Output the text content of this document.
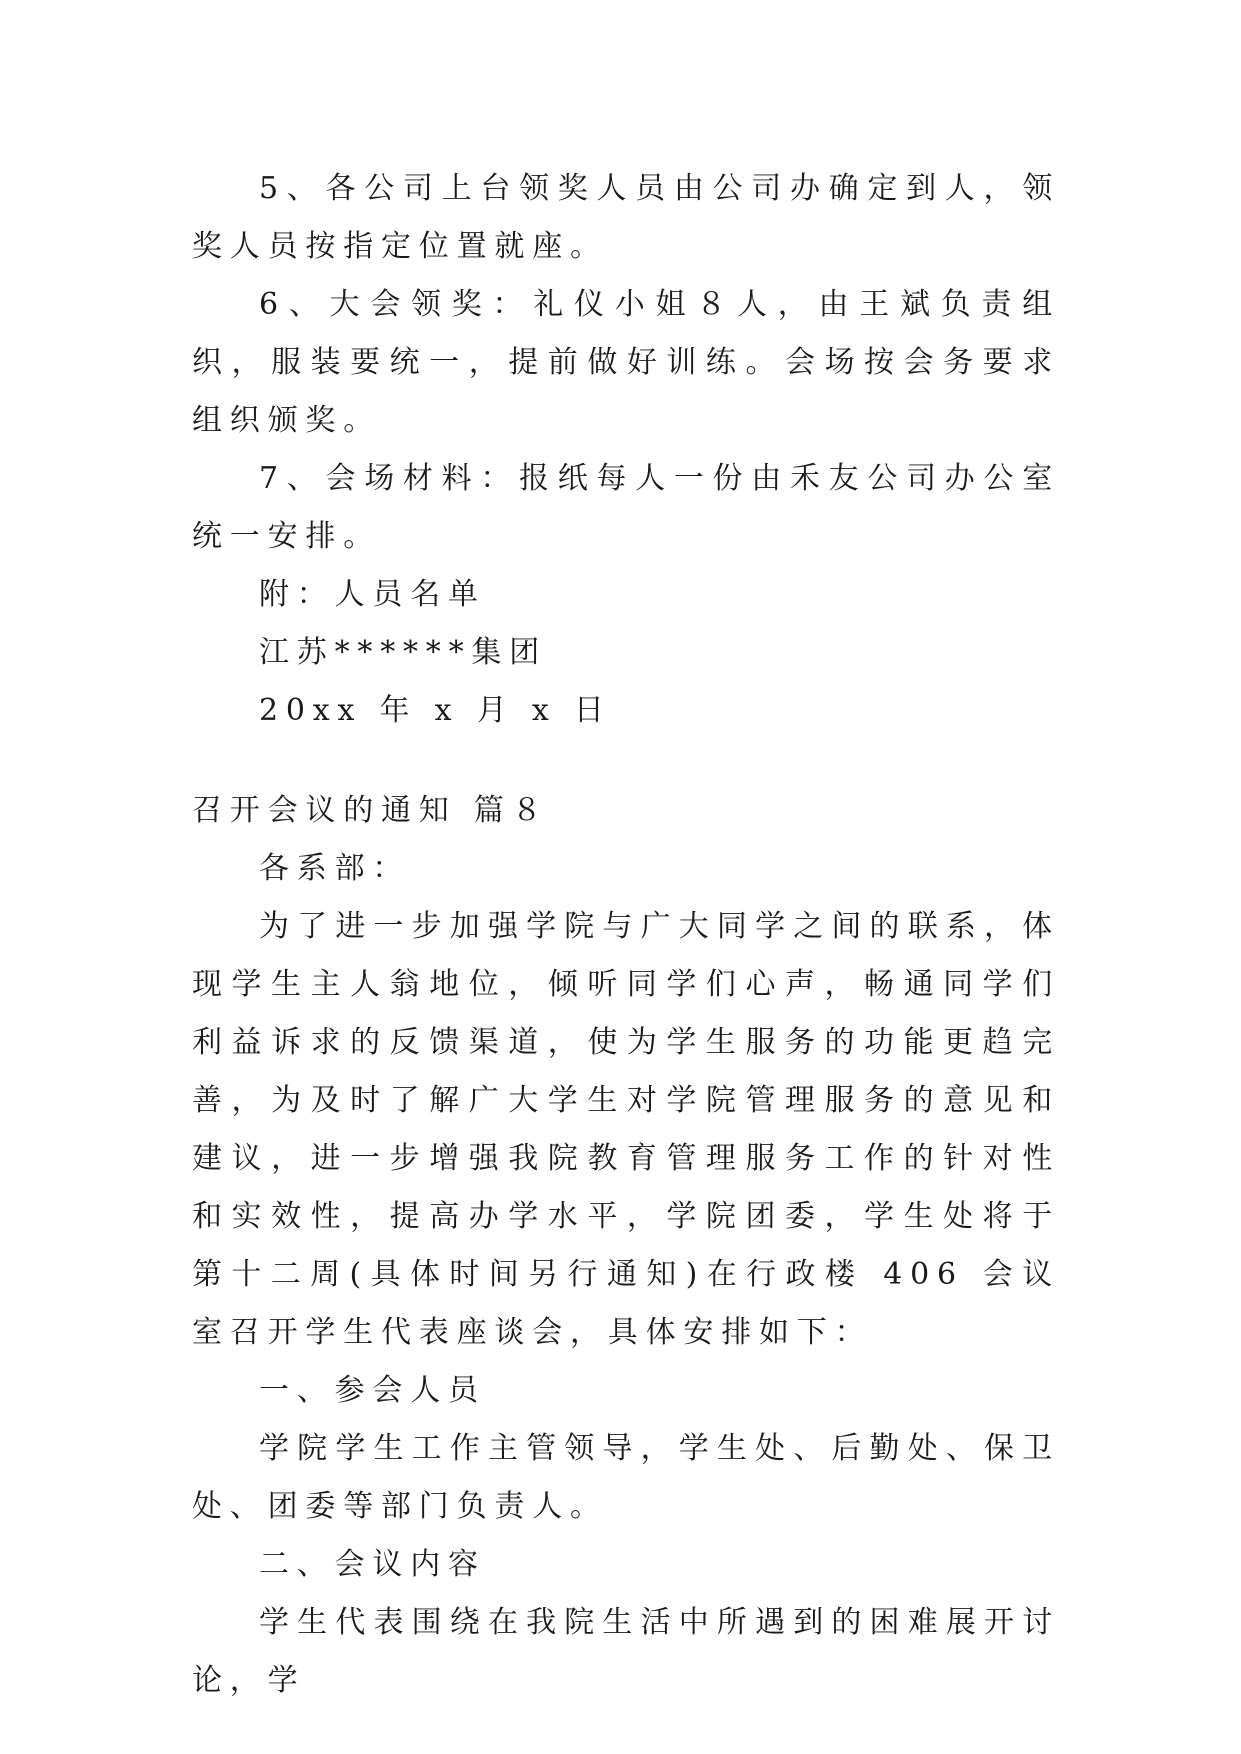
5、各公司上台领奖人员由公司办确定到人，领奖人员按指定位置就座。

6、大会领奖：礼仪小姐８人，由王斌负责组织，服装要统一，提前做好训练。会场按会务要求组织颁奖。

7、会场材料：报纸每人一份由禾友公司办公室统一安排。

附：人员名单

江苏******集团

20xx 年 x 月 x 日

召开会议的通知 篇８

各系部：

为了进一步加强学院与广大同学之间的联系，体现学生主人翁地位，倾听同学们心声，畅通同学们利益诉求的反馈渠道，使为学生服务的功能更趋完善，为及时了解广大学生对学院管理服务的意见和建议，进一步增强我院教育管理服务工作的针对性和实效性，提高办学水平，学院团委，学生处将于第十二周(具体时间另行通知)在行政楼 406 会议室召开学生代表座谈会，具体安排如下：

一、参会人员

学院学生工作主管领导，学生处、后勤处、保卫处、团委等部门负责人。

二、会议内容

学生代表围绕在我院生活中所遇到的困难展开讨论，学
